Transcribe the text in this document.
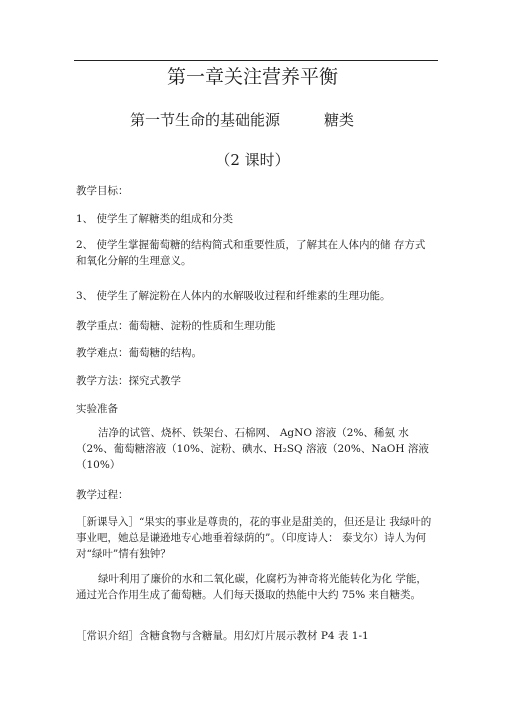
第一章关注营养平衡
第一节生命的基础能源	糖类
（2 课时）

教学目标：

1、 使学生了解糖类的组成和分类

2、 使学生掌握葡萄糖的结构简式和重要性质，了解其在人体内的储 存方式和氧化分解的生理意义。

3、 使学生了解淀粉在人体内的水解吸收过程和纤维素的生理功能。

教学重点：葡萄糖、淀粉的性质和生理功能

教学难点：葡萄糖的结构。

教学方法：探究式教学

实验准备

洁净的试管、烧杯、铁架台、石棉网、 AgNO 溶液（2%、稀氨 水（2%、葡萄糖溶液（10%、淀粉、碘水、H₂SQ 溶液（20%、NaOH 溶液（10%）

教学过程：

［新课导入］“果实的事业是尊贵的，花的事业是甜美的，但还是让 我绿叶的事业吧，她总是谦逊地专心地垂着绿荫的”。（印度诗人： 泰戈尔）诗人为何对“绿叶”情有独钟？

绿叶利用了廉价的水和二氧化碳，化腐朽为神奇将光能转化为化 学能，通过光合作用生成了葡萄糖。人们每天摄取的热能中大约 75% 来自糖类。

［常识介绍］含糖食物与含糖量。用幻灯片展示教材 P4 表 1-1
